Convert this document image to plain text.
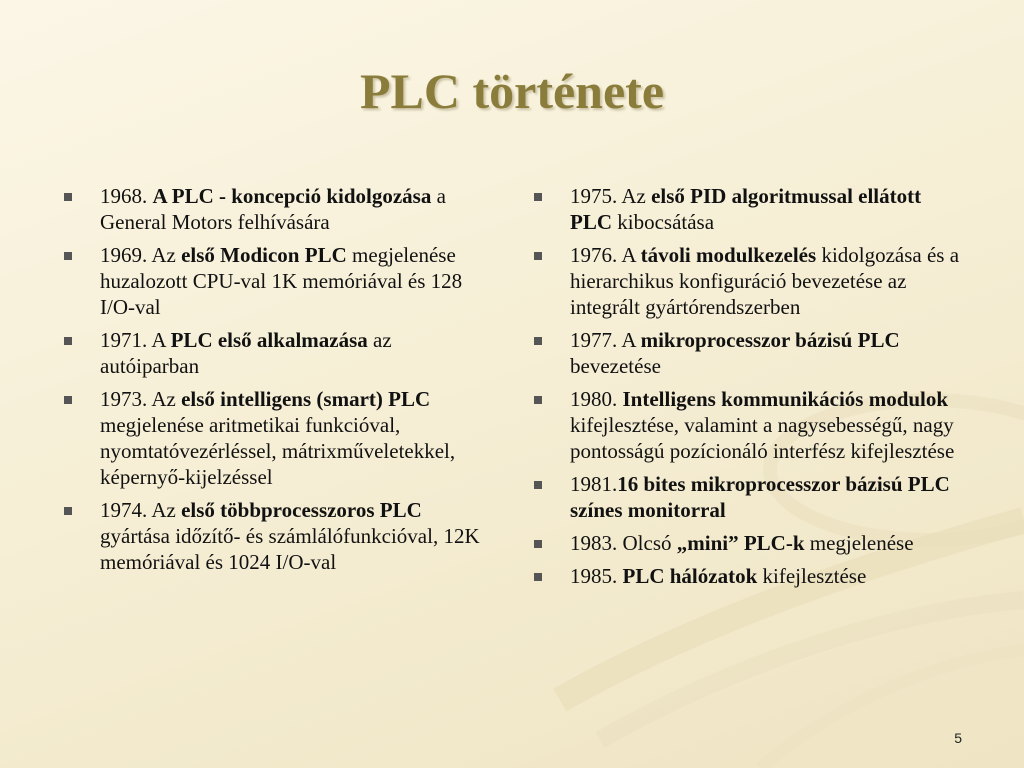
PLC története
1968. A PLC - koncepció kidolgozása a General Motors felhívására
1969. Az első Modicon PLC megjelenése huzalozott CPU-val 1K memóriával és 128 I/O-val
1971. A PLC első alkalmazása az autóiparban
1973. Az első intelligens (smart) PLC megjelenése aritmetikai funkcióval, nyomtatóvezérléssel, mátrixműveletekkel, képernyő-kijelzéssel
1974. Az első többprocesszoros PLC gyártása időzítő- és számlálófunkcióval, 12K memóriával és 1024 I/O-val
1975. Az első PID algoritmussal ellátott PLC kibocsátása
1976. A távoli modulkezelés kidolgozása és a hierarchikus konfiguráció bevezetése az integrált gyártórendszerben
1977. A mikroprocesszor bázisú PLC bevezetése
1980. Intelligens kommunikációs modulok kifejlesztése, valamint a nagysebességű, nagy pontosságú pozícionáló interfész kifejlesztése
1981.16 bites mikroprocesszor bázisú PLC színes monitorral
1983. Olcsó „mini” PLC-k megjelenése
1985. PLC hálózatok kifejlesztése
5
